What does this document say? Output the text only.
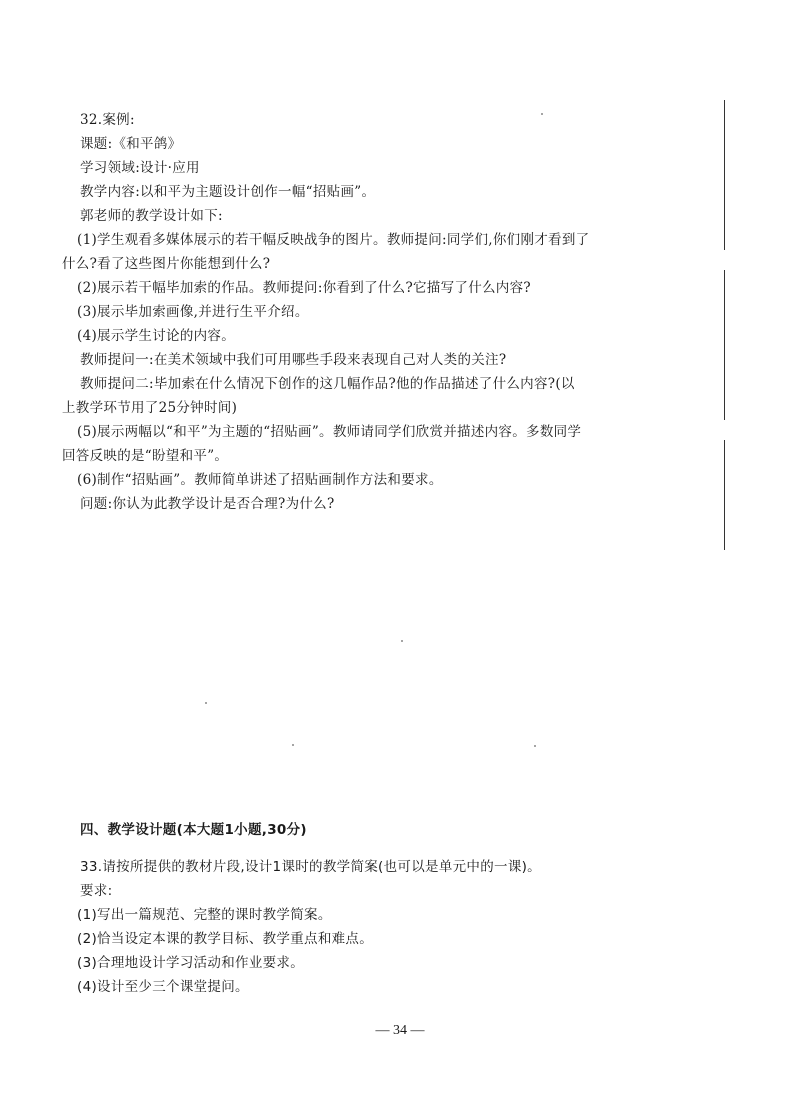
32.案例:
课题:《和平鸽》
学习领域:设计·应用
教学内容:以和平为主题设计创作一幅“招贴画”。
郭老师的教学设计如下:
(1)学生观看多媒体展示的若干幅反映战争的图片。教师提问:同学们,你们刚才看到了
什么?看了这些图片你能想到什么?
(2)展示若干幅毕加索的作品。教师提问:你看到了什么?它描写了什么内容?
(3)展示毕加索画像,并进行生平介绍。
(4)展示学生讨论的内容。
教师提问一:在美术领域中我们可用哪些手段来表现自己对人类的关注?
教师提问二:毕加索在什么情况下创作的这几幅作品?他的作品描述了什么内容?(以
上教学环节用了25分钟时间)
(5)展示两幅以“和平”为主题的“招贴画”。教师请同学们欣赏并描述内容。多数同学
回答反映的是“盼望和平”。
(6)制作“招贴画”。教师简单讲述了招贴画制作方法和要求。
问题:你认为此教学设计是否合理?为什么?
四、教学设计题(本大题1小题,30分)
33.请按所提供的教材片段,设计1课时的教学简案(也可以是单元中的一课)。
要求:
(1)写出一篇规范、完整的课时教学简案。
(2)恰当设定本课的教学目标、教学重点和难点。
(3)合理地设计学习活动和作业要求。
(4)设计至少三个课堂提问。
— 34 —
